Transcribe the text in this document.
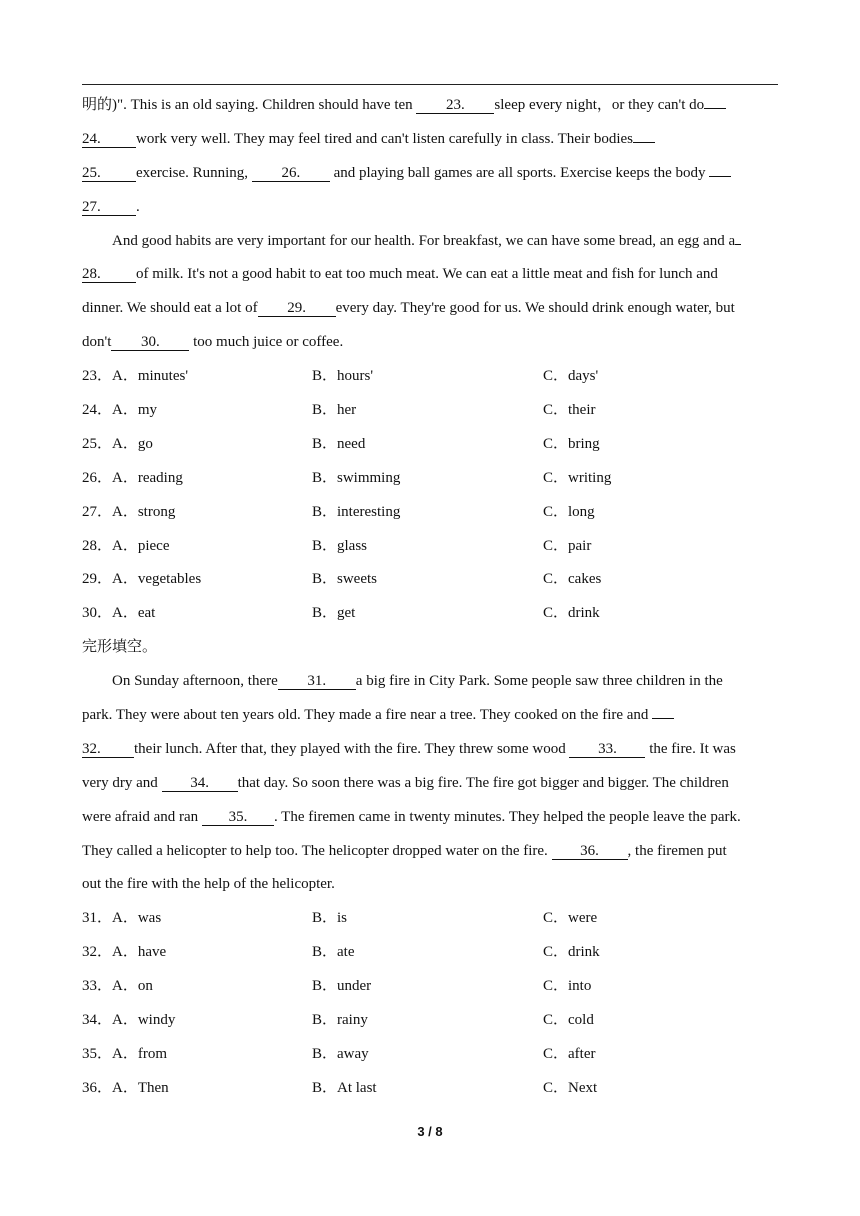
明的)". This is an old saying. Children should have ten 23. sleep every night，or they can't do
24. work very well. They may feel tired and can't listen carefully in class. Their bodies
25. exercise. Running, 26. and playing ball games are all sports. Exercise keeps the body
27. .
And good habits are very important for our health. For breakfast, we can have some bread, an egg and a
28. of milk. It's not a good habit to eat too much meat. We can eat a little meat and fish for lunch and
dinner. We should eat a lot of 29. every day. They're good for us. We should drink enough water, but
don't 30. too much juice or coffee.
23．A．minutes'	B．hours'	C．days'
24．A．my	B．her	C．their
25．A．go	B．need	C．bring
26．A．reading	B．swimming	C．writing
27．A．strong	B．interesting	C．long
28．A．piece	B．glass	C．pair
29．A．vegetables	B．sweets	C．cakes
30．A．eat	B．get	C．drink
完形填空。
On Sunday afternoon, there 31. a big fire in City Park. Some people saw three children in the
park. They were about ten years old. They made a fire near a tree. They cooked on the fire and
32. their lunch. After that, they played with the fire. They threw some wood 33. the fire. It was
very dry and 34. that day. So soon there was a big fire. The fire got bigger and bigger. The children
were afraid and ran 35. . The firemen came in twenty minutes. They helped the people leave the park.
They called a helicopter to help too. The helicopter dropped water on the fire. 36. , the firemen put
out the fire with the help of the helicopter.
31．A．was	B．is	C．were
32．A．have	B．ate	C．drink
33．A．on	B．under	C．into
34．A．windy	B．rainy	C．cold
35．A．from	B．away	C．after
36．A．Then	B．At last	C．Next
3 / 8
